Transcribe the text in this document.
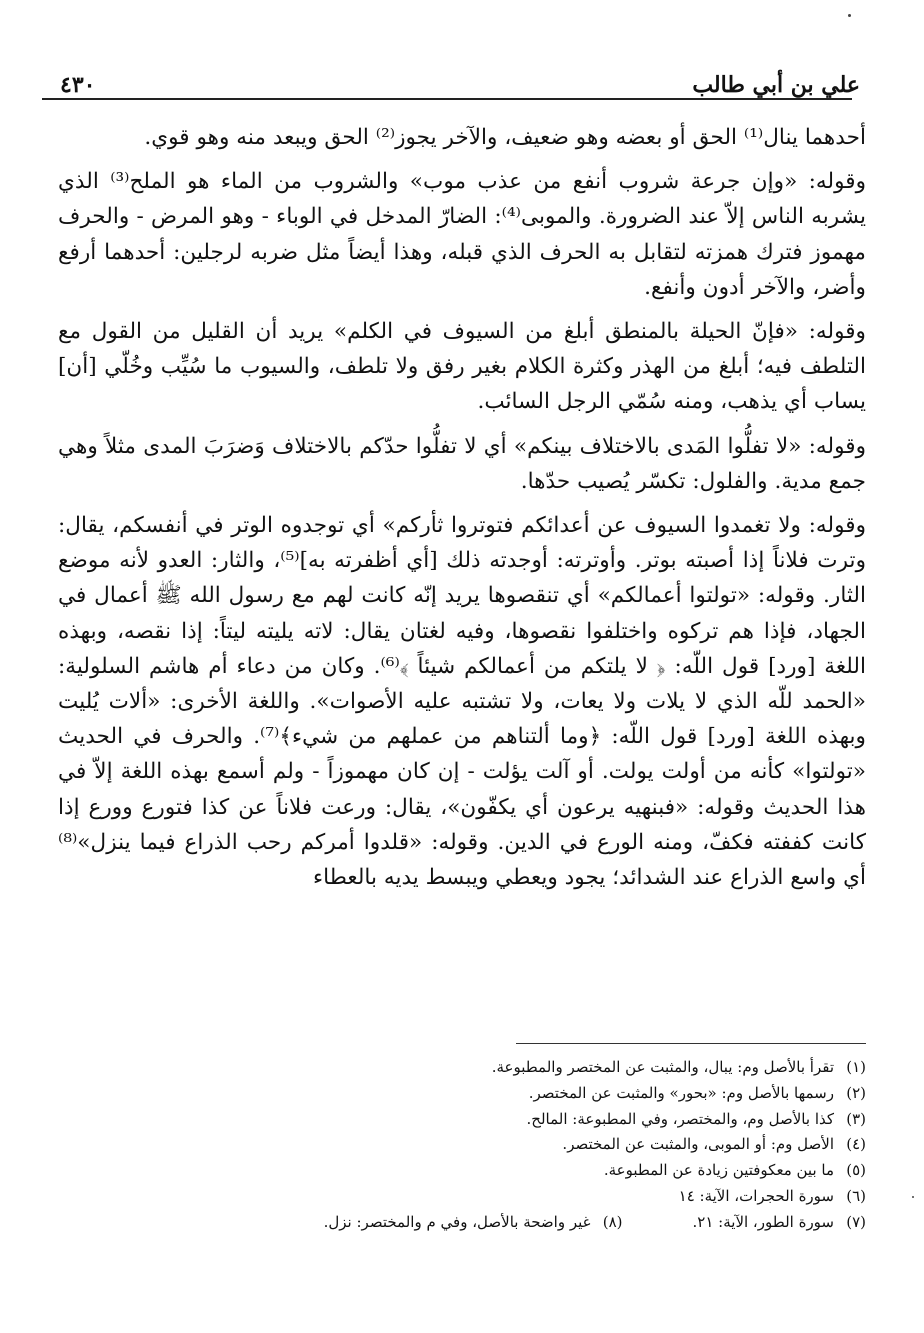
علي بن أبي طالب
٤٣٠

أحدهما ينال⁽¹⁾ الحق أو بعضه وهو ضعيف، والآخر يجوز⁽²⁾ الحق ويبعد منه وهو قوي.

وقوله: «وإن جرعة شروب أنفع من عذب موب» والشروب من الماء هو الملح⁽³⁾ الذي يشربه الناس إلاّ عند الضرورة. والموبى⁽⁴⁾: الضارّ المدخل في الوباء - وهو المرض - والحرف مهموز فترك همزته لتقابل به الحرف الذي قبله، وهذا أيضاً مثل ضربه لرجلين: أحدهما أرفع وأضر، والآخر أدون وأنفع.

وقوله: «فإنّ الحيلة بالمنطق أبلغ من السيوف في الكلم» يريد أن القليل من القول مع التلطف فيه؛ أبلغ من الهذر وكثرة الكلام بغير رفق ولا تلطف، والسيوب ما سُيِّب وخُلّي [أن] يساب أي يذهب، ومنه سُمّي الرجل السائب.

وقوله: «لا تفلُّوا المَدى بالاختلاف بينكم» أي لا تفلُّوا حدّكم بالاختلاف وَضرَبَ المدى مثلاً وهي جمع مدية. والفلول: تكسّر يُصيب حدّها.

وقوله: ولا تغمدوا السيوف عن أعدائكم فتوتروا ثأركم» أي توجدوه الوتر في أنفسكم، يقال: وترت فلاناً إذا أصبته بوتر. وأوترته: أوجدته ذلك [أي أظفرته به]⁽⁵⁾، والثار: العدو لأنه موضع الثار. وقوله: «تولتوا أعمالكم» أي تنقصوها يريد إنّه كانت لهم مع رسول الله ﷺ أعمال في الجهاد، فإذا هم تركوه واختلفوا نقصوها، وفيه لغتان يقال: لاته يليته ليتاً: إذا نقصه، وبهذه اللغة [ورد] قول اللّه: ﴿ لا يلتكم من أعمالكم شيئاً ﴾⁽⁶⁾. وكان من دعاء أم هاشم السلولية: «الحمد للّه الذي لا يلات ولا يعات، ولا تشتبه عليه الأصوات». واللغة الأخرى: «ألات يُليت وبهذه اللغة [ورد] قول اللّه: ﴿وما ألتناهم من عملهم من شيء﴾⁽⁷⁾. والحرف في الحديث «تولتوا» كأنه من أولت يولت. أو آلت يؤلت - إن كان مهموزاً - ولم أسمع بهذه اللغة إلاّ في هذا الحديث وقوله: «فبنهيه يرعون أي يكفّون»، يقال: ورعت فلاناً عن كذا فتورع وورع إذا كانت كففته فكفّ، ومنه الورع في الدين. وقوله: «قلدوا أمركم رحب الذراع فيما ينزل»⁽⁸⁾ أي واسع الذراع عند الشدائد؛ يجود ويعطي ويبسط يديه بالعطاء

(١)
تقرأ بالأصل وم: يبال، والمثبت عن المختصر والمطبوعة.
(٢)
رسمها بالأصل وم: «بحور» والمثبت عن المختصر.
(٣)
كذا بالأصل وم، والمختصر، وفي المطبوعة: المالح.
(٤)
الأصل وم: أو الموبى، والمثبت عن المختصر.
(٥)
ما بين معكوفتين زيادة عن المطبوعة.
(٦)
سورة الحجرات، الآية: ١٤
(٧)
سورة الطور، الآية: ٢١.
(٨)
غير واضحة بالأصل، وفي م والمختصر: نزل.
